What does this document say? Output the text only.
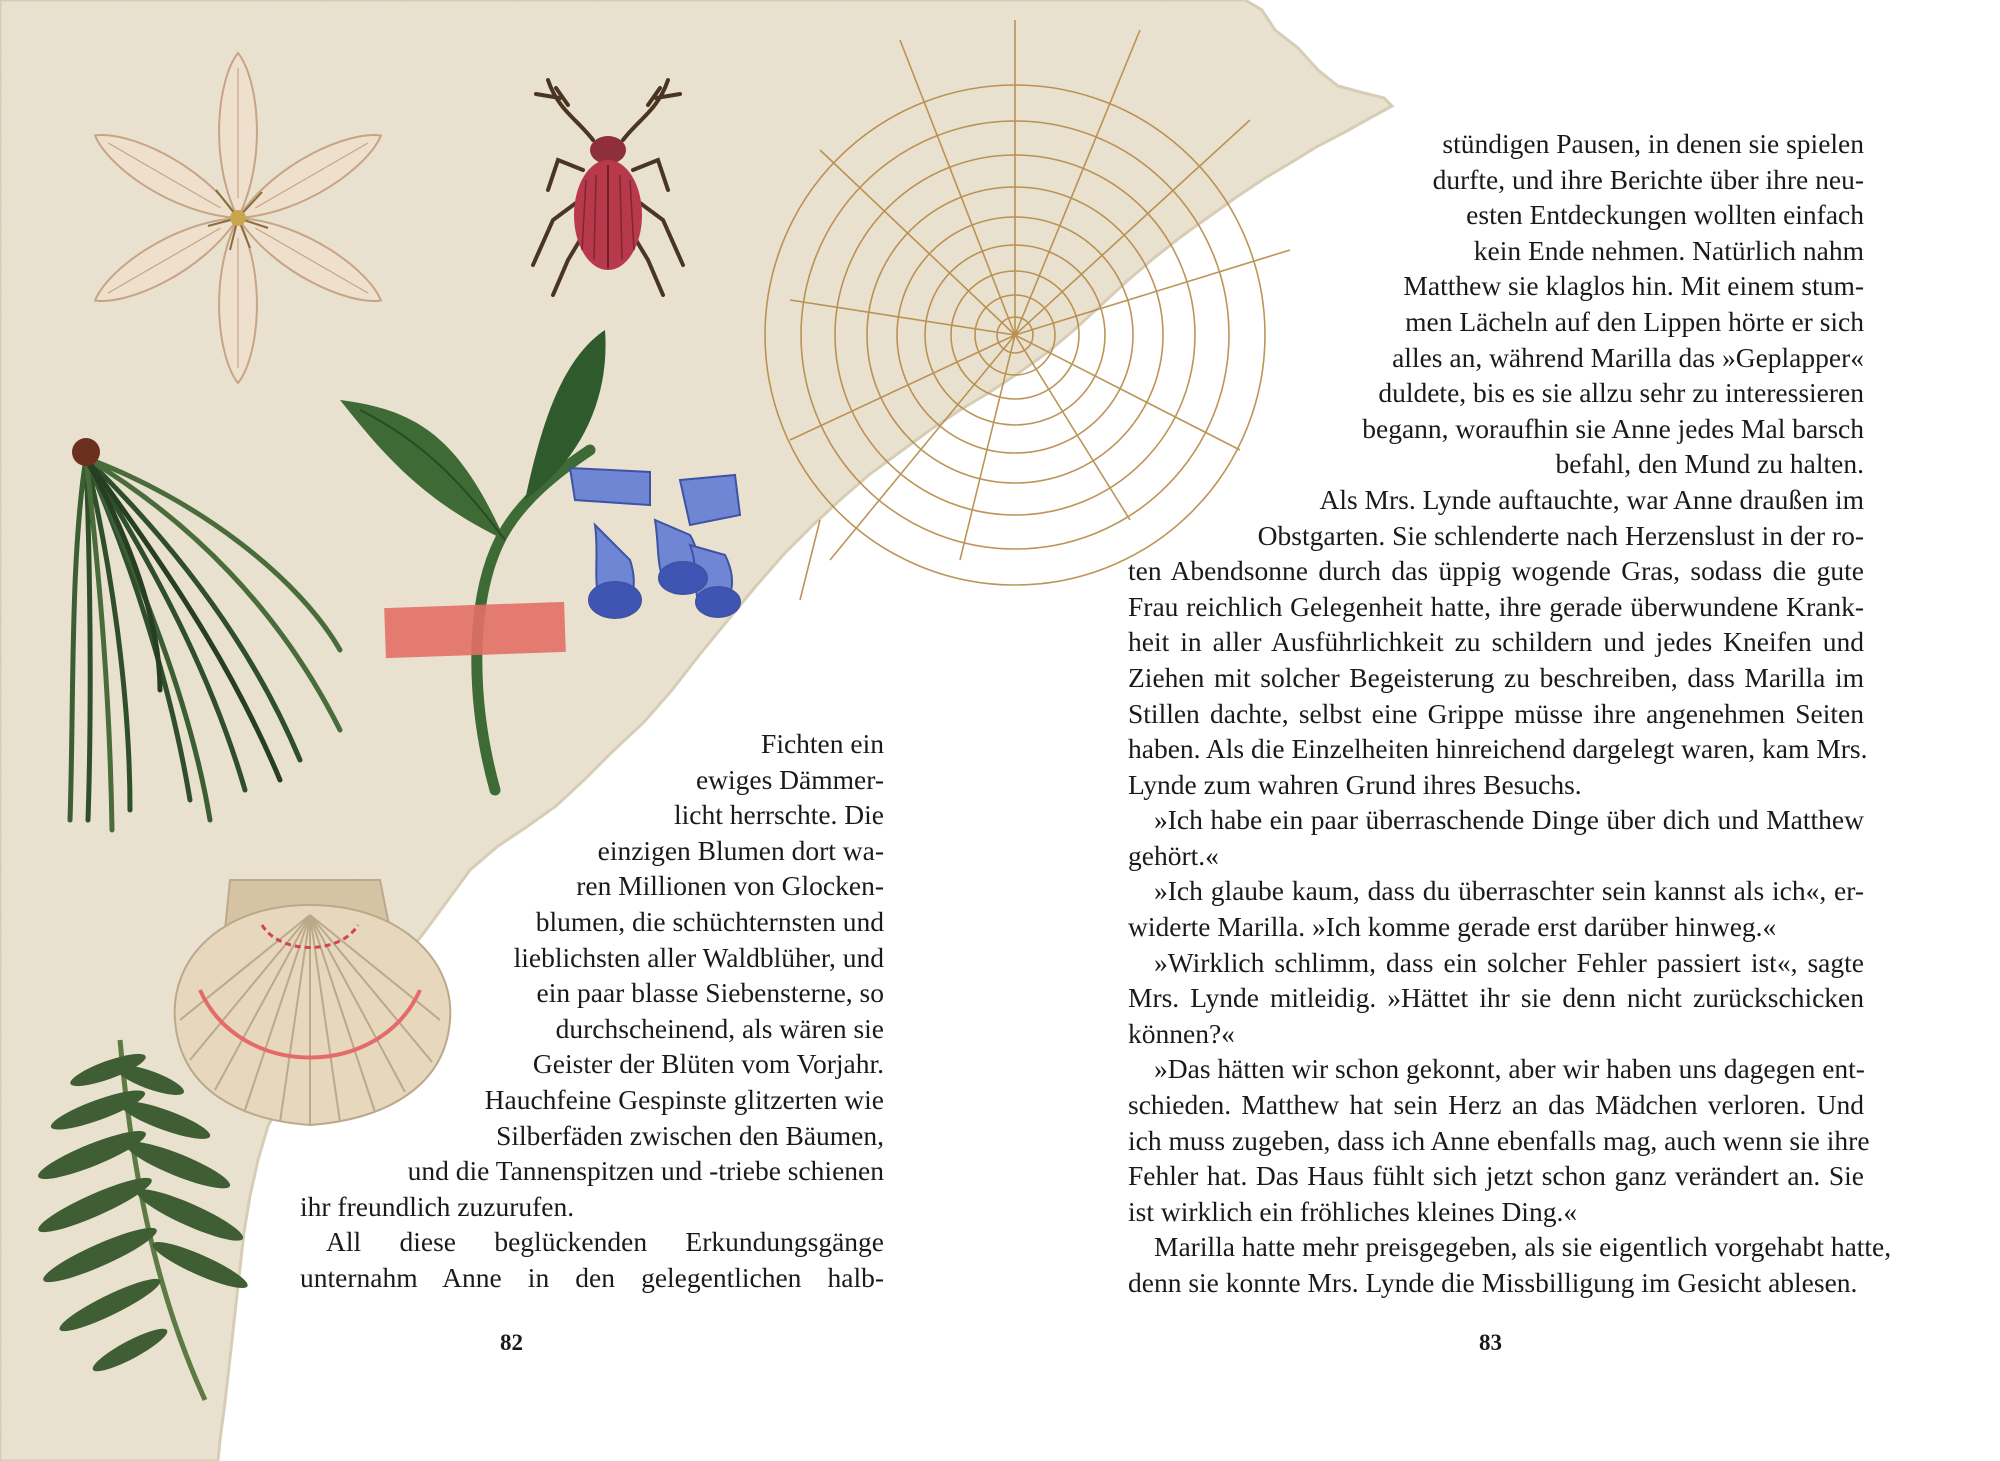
Fichten ein
ewiges Dämmer-
licht herrschte. Die
einzigen Blumen dort wa-
ren Millionen von Glocken-
blumen, die schüchternsten und
lieblichsten aller Waldblüher, und
ein paar blasse Siebensterne, so
durchscheinend, als wären sie
Geister der Blüten vom Vorjahr.
Hauchfeine Gespinste glitzerten wie
Silberfäden zwischen den Bäumen,
und die Tannenspitzen und -triebe schienen
ihr freundlich zuzurufen.
All diese beglückenden Erkundungsgänge
unternahm Anne in den gelegentlichen halb-
82
stündigen Pausen, in denen sie spielen
durfte, und ihre Berichte über ihre neu-
esten Entdeckungen wollten einfach
kein Ende nehmen. Natürlich nahm
Matthew sie klaglos hin. Mit einem stum-
men Lächeln auf den Lippen hörte er sich
alles an, während Marilla das »Geplapper«
duldete, bis es sie allzu sehr zu interessieren
begann, woraufhin sie Anne jedes Mal barsch
befahl, den Mund zu halten.
Als Mrs. Lynde auftauchte, war Anne draußen im
Obstgarten. Sie schlenderte nach Herzenslust in der ro-
ten Abendsonne durch das üppig wogende Gras, sodass die gute
Frau reichlich Gelegenheit hatte, ihre gerade überwundene Krank-
heit in aller Ausführlichkeit zu schildern und jedes Kneifen und
Ziehen mit solcher Begeisterung zu beschreiben, dass Marilla im
Stillen dachte, selbst eine Grippe müsse ihre angenehmen Seiten
haben. Als die Einzelheiten hinreichend dargelegt waren, kam Mrs.
Lynde zum wahren Grund ihres Besuchs.
»Ich habe ein paar überraschende Dinge über dich und Matthew
gehört.«
»Ich glaube kaum, dass du überraschter sein kannst als ich«, er-
widerte Marilla. »Ich komme gerade erst darüber hinweg.«
»Wirklich schlimm, dass ein solcher Fehler passiert ist«, sagte
Mrs. Lynde mitleidig. »Hättet ihr sie denn nicht zurückschicken
können?«
»Das hätten wir schon gekonnt, aber wir haben uns dagegen ent-
schieden. Matthew hat sein Herz an das Mädchen verloren. Und
ich muss zugeben, dass ich Anne ebenfalls mag, auch wenn sie ihre
Fehler hat. Das Haus fühlt sich jetzt schon ganz verändert an. Sie
ist wirklich ein fröhliches kleines Ding.«
Marilla hatte mehr preisgegeben, als sie eigentlich vorgehabt hatte,
denn sie konnte Mrs. Lynde die Missbilligung im Gesicht ablesen.
83
